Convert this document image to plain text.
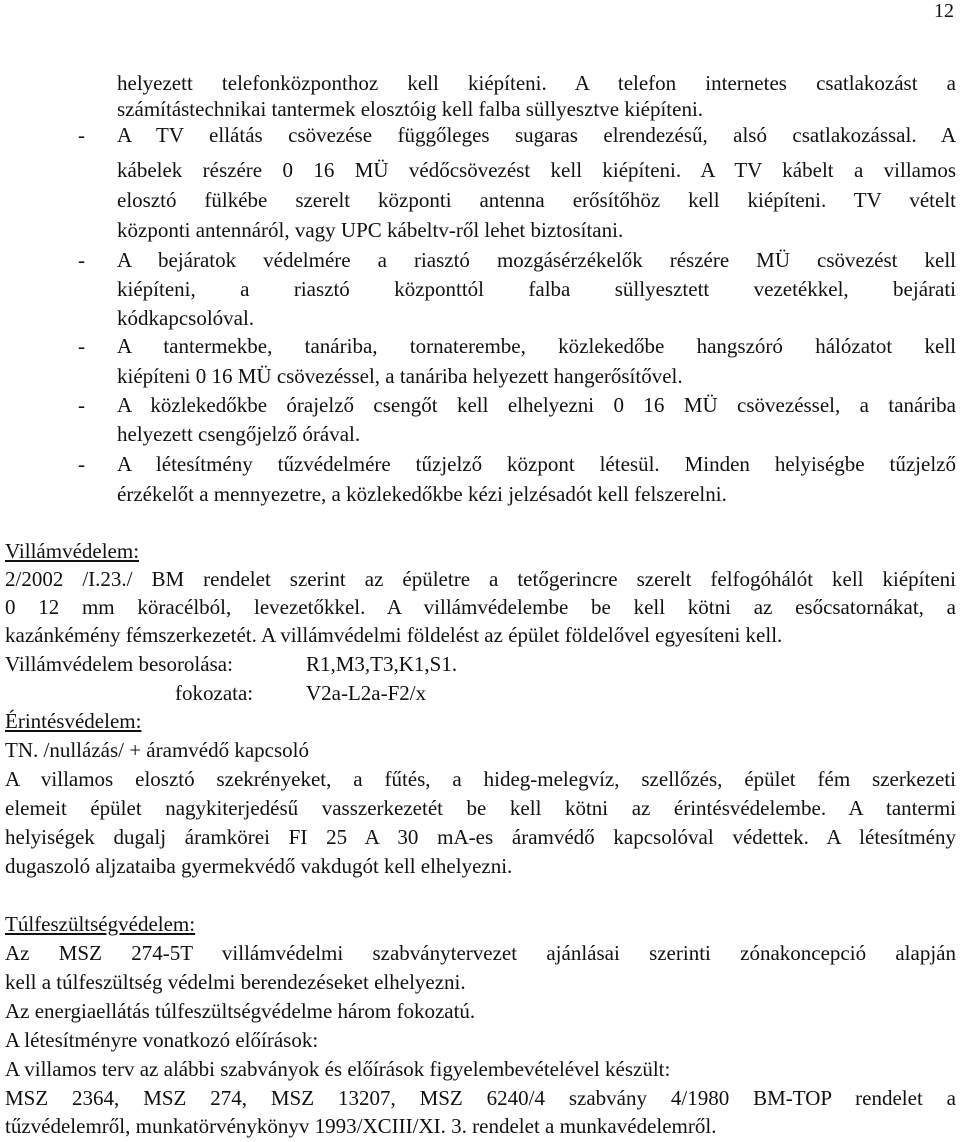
12
helyezett telefonközponthoz kell kiépíteni. A telefon internetes csatlakozást a
számítástechnikai tantermek elosztóig kell falba süllyesztve kiépíteni.
- A TV ellátás csövezése függőleges sugaras elrendezésű, alsó csatlakozással. A
kábelek részére 0 16 MÜ védőcsövezést kell kiépíteni. A TV kábelt a villamos
elosztó fülkébe szerelt központi antenna erősítőhöz kell kiépíteni. TV vételt
központi antennáról, vagy UPC kábeltv-ről lehet biztosítani.
- A bejáratok védelmére a riasztó mozgásérzékelők részére MÜ csövezést kell
kiépíteni, a riasztó központtól falba süllyesztett vezetékkel, bejárati
kódkapcsolóval.
- A tantermekbe, tanáriba, tornaterembe, közlekedőbe hangszóró hálózatot kell
kiépíteni 0 16 MÜ csövezéssel, a tanáriba helyezett hangerősítővel.
- A közlekedőkbe órajelző csengőt kell elhelyezni 0 16 MÜ csövezéssel, a tanáriba
helyezett csengőjelző órával.
- A létesítmény tűzvédelmére tűzjelző központ létesül. Minden helyiségbe tűzjelző
érzékelőt a mennyezetre, a közlekedőkbe kézi jelzésadót kell felszerelni.
Villámvédelem:
2/2002 /I.23./ BM rendelet szerint az épületre a tetőgerincre szerelt felfogóhálót kell kiépíteni
0 12 mm köracélból, levezetőkkel. A villámvédelembe be kell kötni az esőcsatornákat, a
kazánkémény fémszerkezetét. A villámvédelmi földelést az épület földelővel egyesíteni kell.
Villámvédelem besorolása:	R1,M3,T3,K1,S1.
fokozata:	V2a-L2a-F2/x
Érintésvédelem:
TN. /nullázás/ + áramvédő kapcsoló
A villamos elosztó szekrényeket, a fűtés, a hideg-melegvíz, szellőzés, épület fém szerkezeti
elemeit épület nagykiterjedésű vasszerkezetét be kell kötni az érintésvédelembe. A tantermi
helyiségek dugalj áramkörei FI 25 A 30 mA-es áramvédő kapcsolóval védettek. A létesítmény
dugaszoló aljzataiba gyermekvédő vakdugót kell elhelyezni.
Túlfeszültségvédelem:
Az MSZ 274-5T villámvédelmi szabványtervezet ajánlásai szerinti zónakoncepció alapján
kell a túlfeszültség védelmi berendezéseket elhelyezni.
Az energiaellátás túlfeszültségvédelme három fokozatú.
A létesítményre vonatkozó előírások:
A villamos terv az alábbi szabványok és előírások figyelembevételével készült:
MSZ 2364, MSZ 274, MSZ 13207, MSZ 6240/4 szabvány 4/1980 BM-TOP rendelet a
tűzvédelemről, munkatörvénykönyv 1993/XCIII/XI. 3. rendelet a munkavédelemről.
